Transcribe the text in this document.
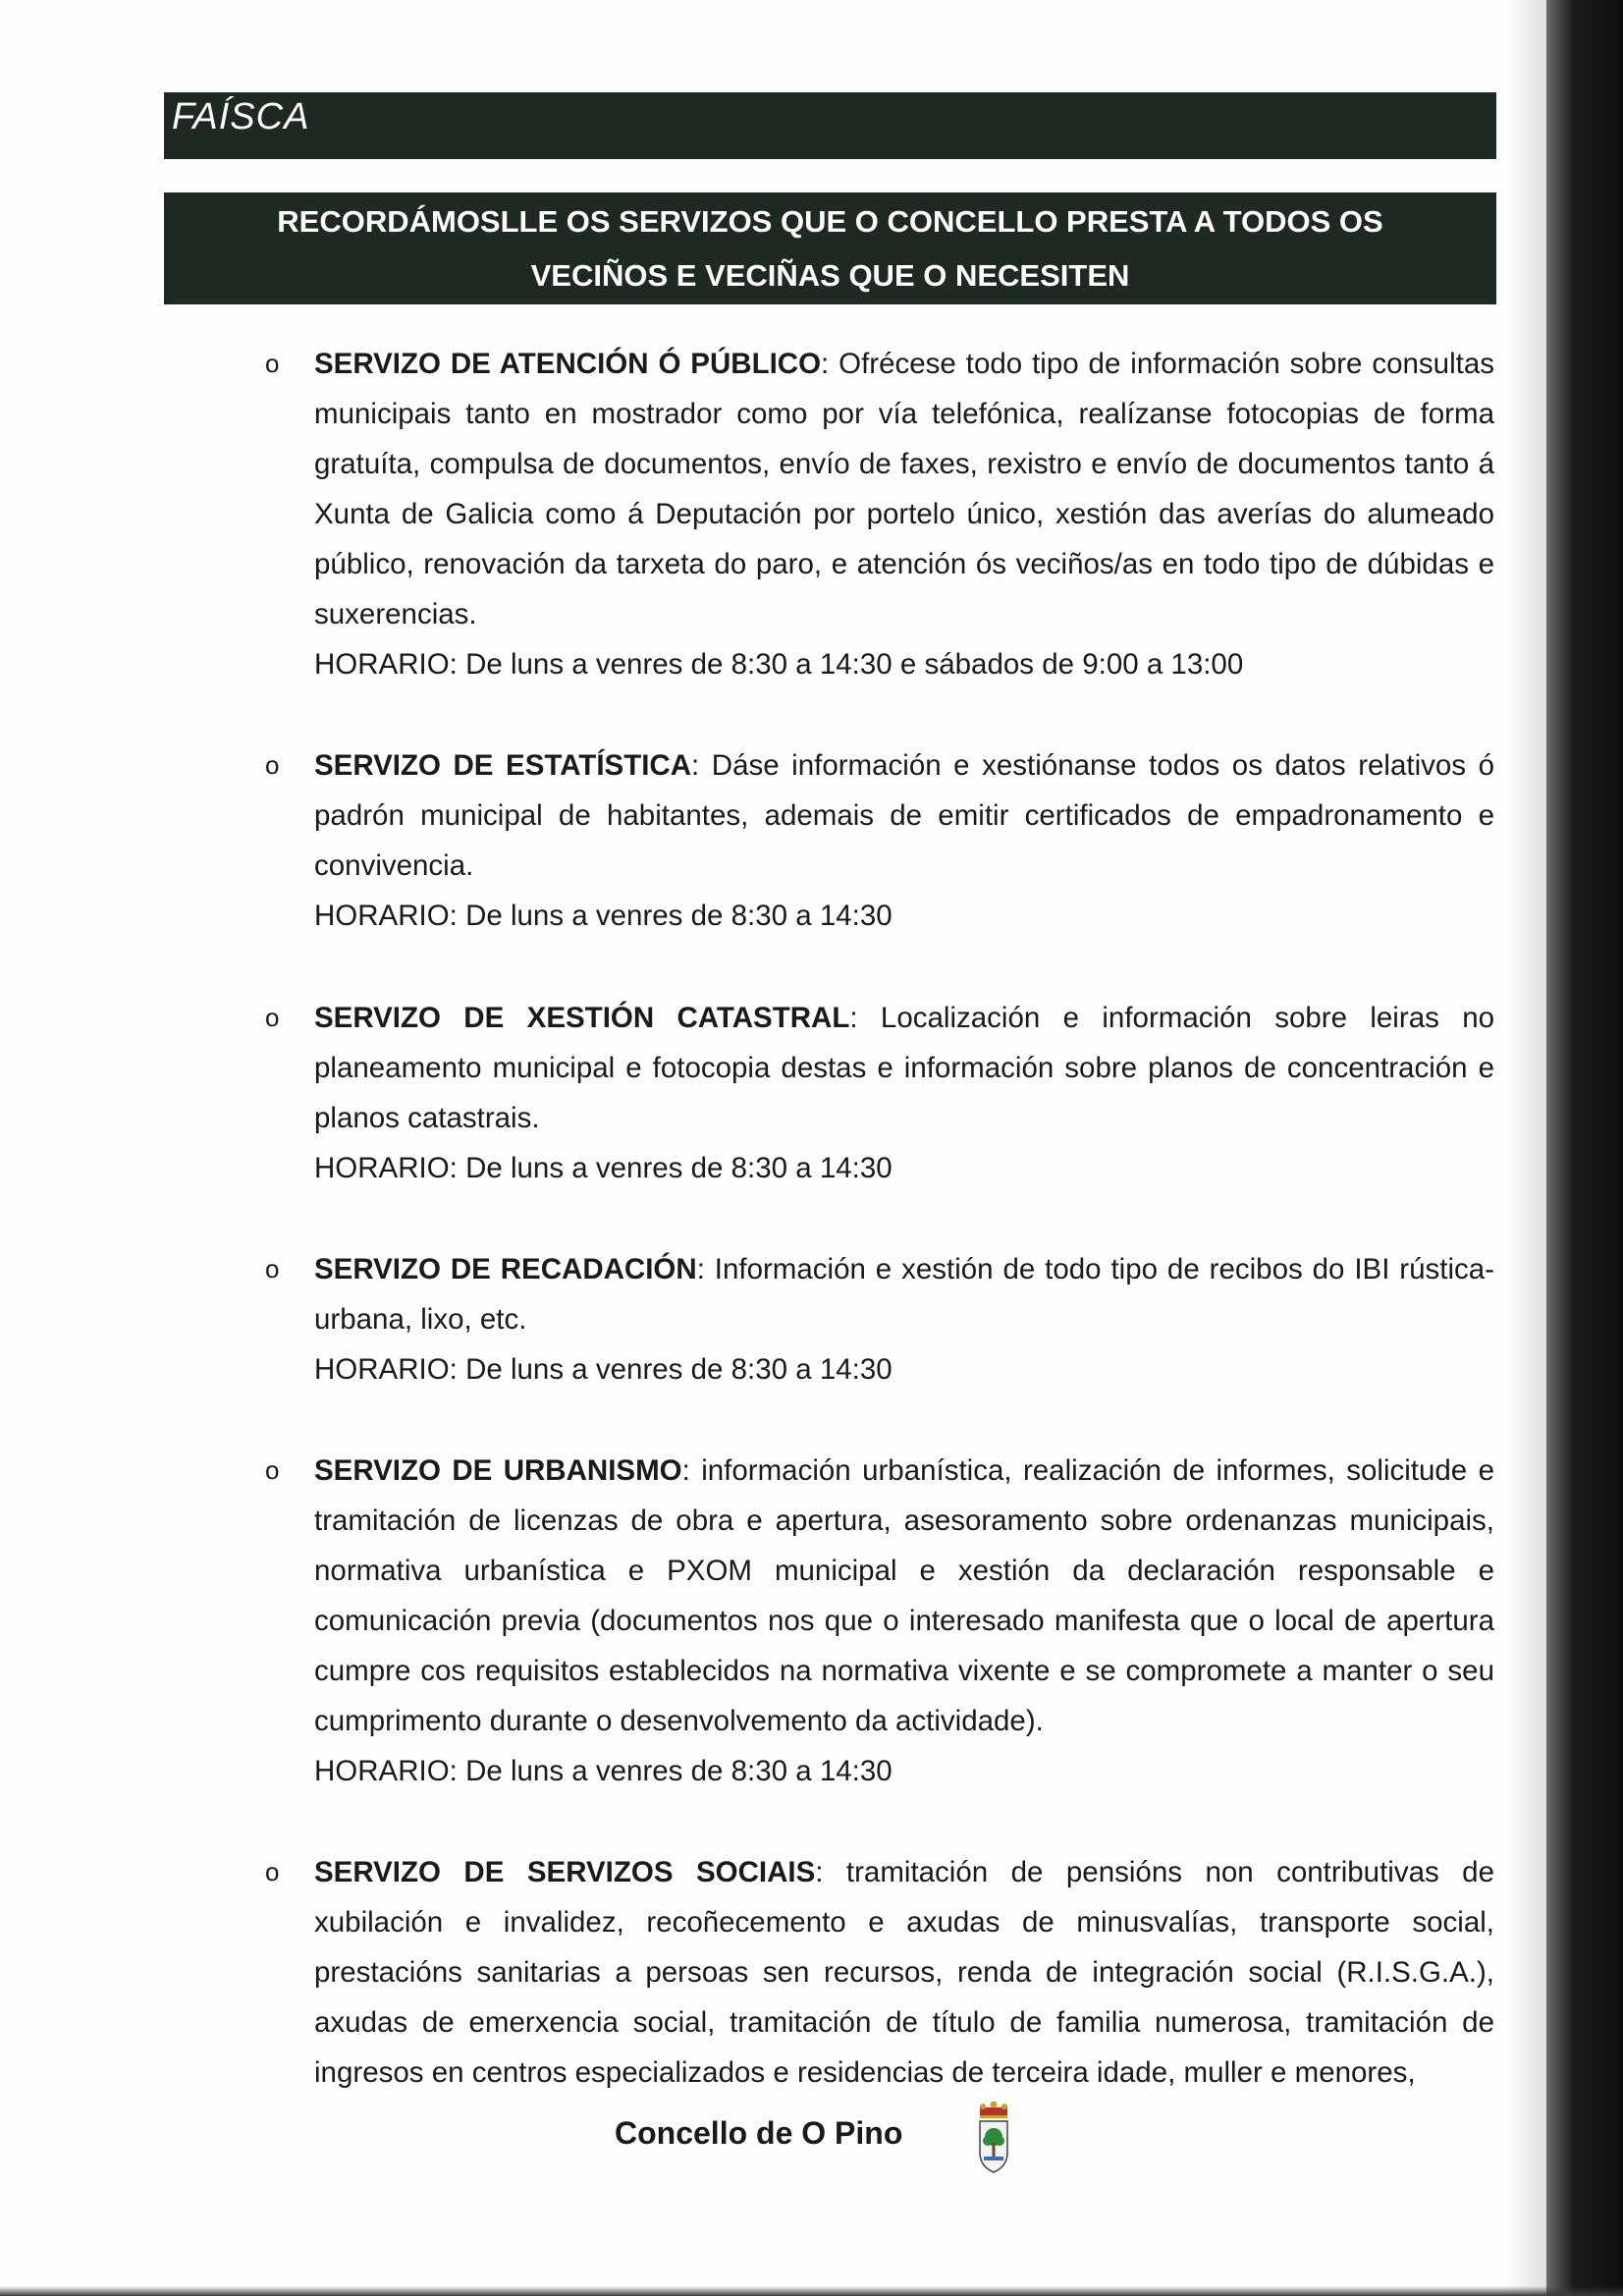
FAÍSCA
RECORDÁMOSLLE OS SERVIZOS QUE O CONCELLO PRESTA A TODOS OS
VECIÑOS E VECIÑAS QUE O NECESITEN
o SERVIZO DE ATENCIÓN Ó PÚBLICO: Ofrécese todo tipo de información sobre consultas municipais tanto en mostrador como por vía telefónica, realízanse fotocopias de forma gratuíta, compulsa de documentos, envío de faxes, rexistro e envío de documentos tanto á Xunta de Galicia como á Deputación por portelo único, xestión das averías do alumeado público, renovación da tarxeta do paro, e atención ós veciños/as en todo tipo de dúbidas e suxerencias.
HORARIO: De luns a venres de 8:30 a 14:30 e sábados de 9:00 a 13:00
o SERVIZO DE ESTATÍSTICA: Dáse información e xestiónanse todos os datos relativos ó padrón municipal de habitantes, ademais de emitir certificados de empadronamento e convivencia.
HORARIO: De luns a venres de 8:30 a 14:30
o SERVIZO DE XESTIÓN CATASTRAL: Localización e información sobre leiras no planeamento municipal e fotocopia destas e información sobre planos de concentración e planos catastrais.
HORARIO: De luns a venres de 8:30 a 14:30
o SERVIZO DE RECADACIÓN: Información e xestión de todo tipo de recibos do IBI rústica- urbana, lixo, etc.
HORARIO: De luns a venres de 8:30 a 14:30
o SERVIZO DE URBANISMO: información urbanística, realización de informes, solicitude e tramitación de licenzas de obra e apertura, asesoramento sobre ordenanzas municipais, normativa urbanística e PXOM municipal e xestión da declaración responsable e comunicación previa (documentos nos que o interesado manifesta que o local de apertura cumpre cos requisitos establecidos na normativa vixente e se compromete a manter o seu cumprimento durante o desenvolvemento da actividade).
HORARIO: De luns a venres de 8:30 a 14:30
o SERVIZO DE SERVIZOS SOCIAIS: tramitación de pensións non contributivas de xubilación e invalidez, recoñecemento e axudas de minusvalías, transporte social, prestacións sanitarias a persoas sen recursos, renda de integración social (R.I.S.G.A.), axudas de emerxencia social, tramitación de título de familia numerosa, tramitación de ingresos en centros especializados e residencias de terceira idade, muller e menores,
Concello de O Pino
